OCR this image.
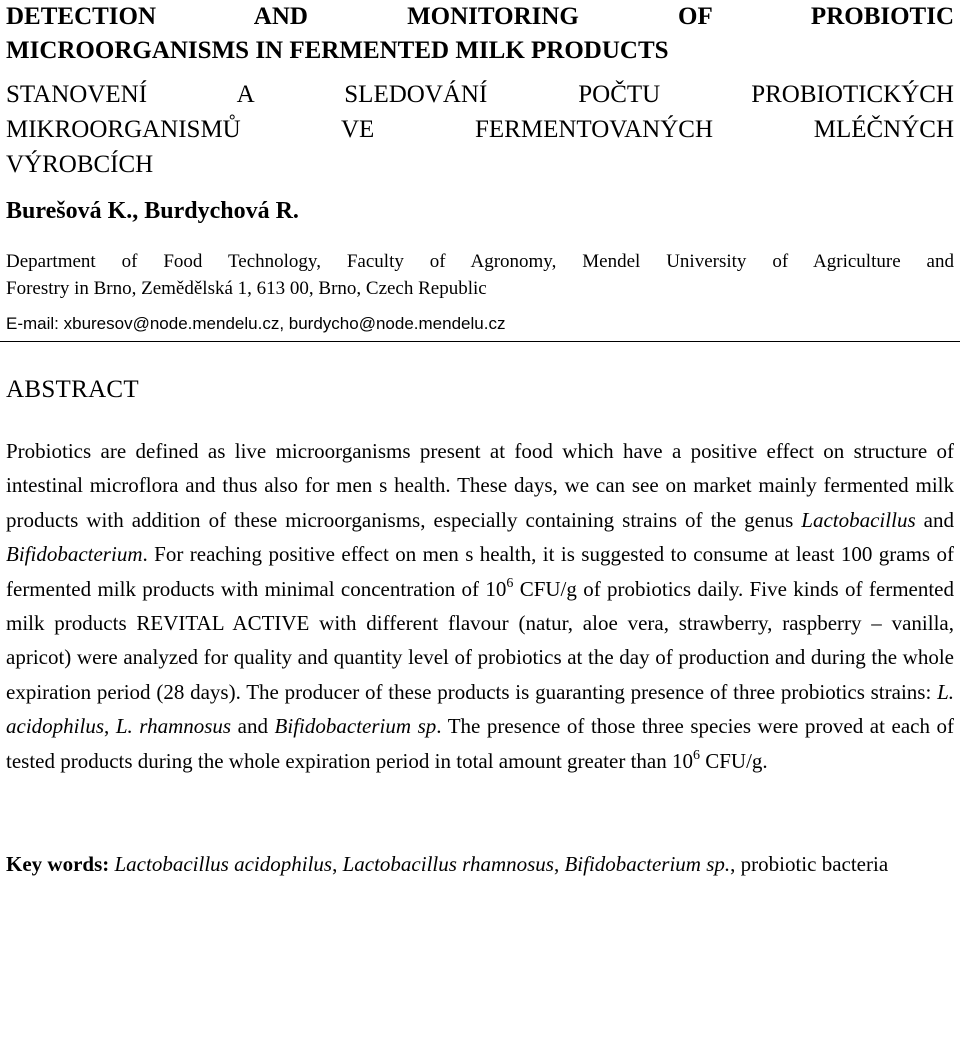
DETECTION AND MONITORING OF PROBIOTIC
MICROORGANISMS IN FERMENTED MILK PRODUCTS
STANOVENÍ A SLEDOVÁNÍ POČTU PROBIOTICKÝCH
MIKROORGANISMŮ VE FERMENTOVANÝCH MLÉČNÝCH
VÝROBCÍCH
Burešová K., Burdychová R.
Department of Food Technology, Faculty of Agronomy, Mendel University of Agriculture and
Forestry in Brno, Zemědělská 1, 613 00, Brno, Czech Republic
E-mail: xburesov@node.mendelu.cz, burdycho@node.mendelu.cz
ABSTRACT
Probiotics are defined as live microorganisms present at food which have a positive effect on structure of intestinal microflora and thus also for men s health. These days, we can see on market mainly fermented milk products with addition of these microorganisms, especially containing strains of the genus Lactobacillus and Bifidobacterium. For reaching positive effect on men s health, it is suggested to consume at least 100 grams of fermented milk products with minimal concentration of $10^6$ CFU/g of probiotics daily. Five kinds of fermented milk products REVITAL ACTIVE with different flavour (natur, aloe vera, strawberry, raspberry – vanilla, apricot) were analyzed for quality and quantity level of probiotics at the day of production and during the whole expiration period (28 days). The producer of these products is guaranting presence of three probiotics strains: L. acidophilus, L. rhamnosus and Bifidobacterium sp. The presence of those three species were proved at each of tested products during the whole expiration period in total amount greater than $10^6$ CFU/g.
Key words: Lactobacillus acidophilus, Lactobacillus rhamnosus, Bifidobacterium sp., probiotic bacteria
